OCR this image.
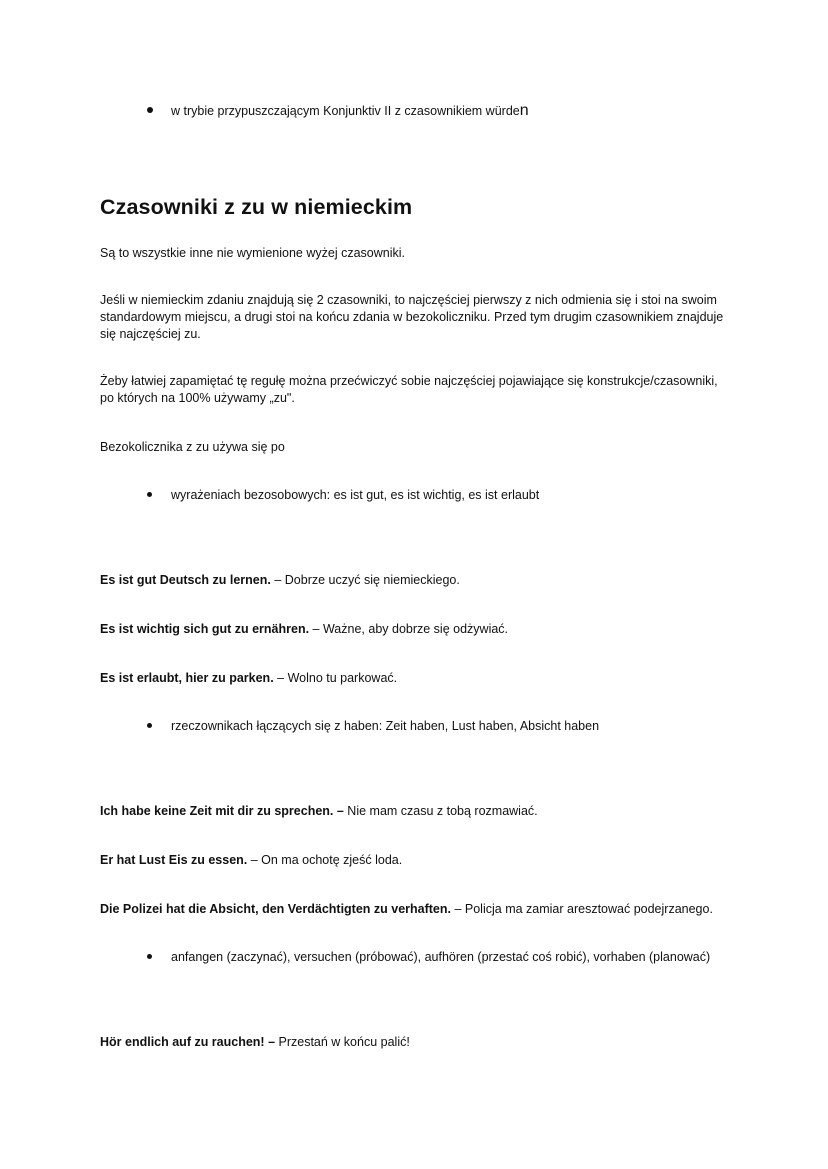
w trybie przypuszczającym Konjunktiv II z czasownikiem würden
Czasowniki z zu w niemieckim
Są to wszystkie inne nie wymienione wyżej czasowniki.
Jeśli w niemieckim zdaniu znajdują się 2 czasowniki, to najczęściej pierwszy z nich odmienia się i stoi na swoim
standardowym miejscu, a drugi stoi na końcu zdania w bezokoliczniku. Przed tym drugim czasownikiem znajduje
się najczęściej zu.
Żeby łatwiej zapamiętać tę regułę można przećwiczyć sobie najczęściej pojawiające się konstrukcje/czasowniki,
po których na 100% używamy „zu".
Bezokolicznika z zu używa się po
wyrażeniach bezosobowych: es ist gut, es ist wichtig, es ist erlaubt
Es ist gut Deutsch zu lernen. – Dobrze uczyć się niemieckiego.
Es ist wichtig sich gut zu ernähren. – Ważne, aby dobrze się odżywiać.
Es ist erlaubt, hier zu parken. – Wolno tu parkować.
rzeczownikach łączących się z haben: Zeit haben, Lust haben, Absicht haben
Ich habe keine Zeit mit dir zu sprechen. – Nie mam czasu z tobą rozmawiać.
Er hat Lust Eis zu essen. – On ma ochotę zjeść loda.
Die Polizei hat die Absicht, den Verdächtigten zu verhaften. – Policja ma zamiar aresztować podejrzanego.
anfangen (zaczynać), versuchen (próbować), aufhören (przestać coś robić), vorhaben (planować)
Hör endlich auf zu rauchen! – Przestań w końcu palić!
